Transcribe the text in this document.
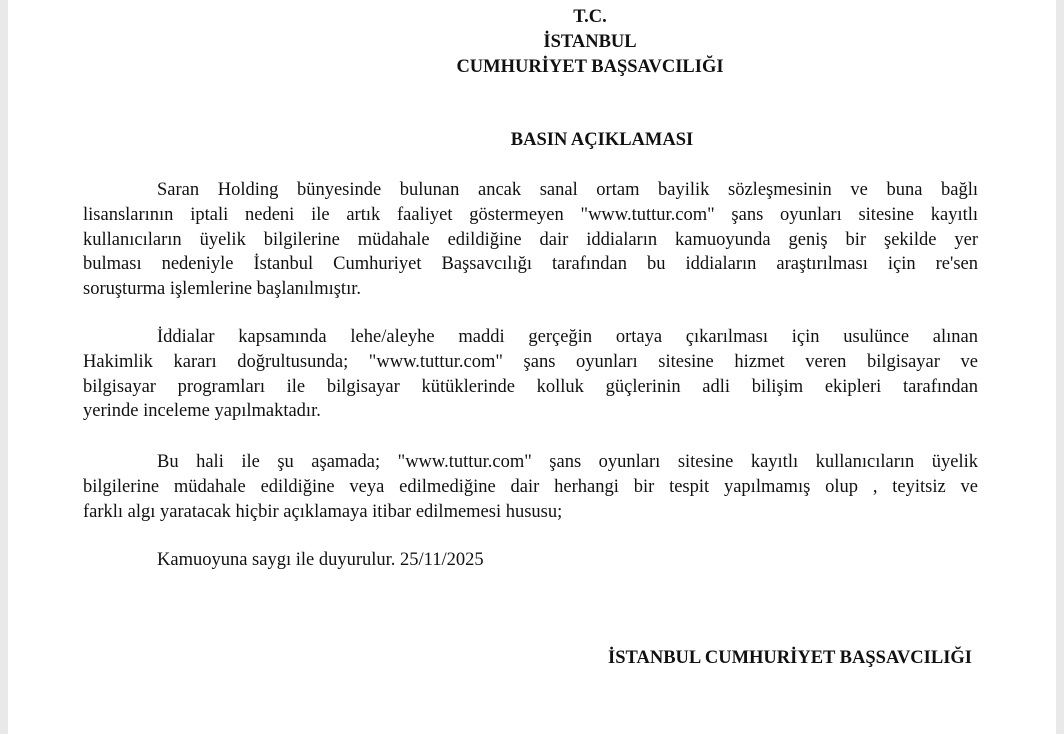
T.C.
İSTANBUL
CUMHURİYET BAŞSAVCILIĞI
BASIN AÇIKLAMASI
Saran Holding bünyesinde bulunan ancak sanal ortam bayilik sözleşmesinin ve buna bağlı
lisanslarının iptali nedeni ile artık faaliyet göstermeyen "www.tuttur.com" şans oyunları sitesine kayıtlı
kullanıcıların üyelik bilgilerine müdahale edildiğine dair iddiaların kamuoyunda geniş bir şekilde yer
bulması nedeniyle İstanbul Cumhuriyet Başsavcılığı tarafından bu iddiaların araştırılması için re'sen
soruşturma işlemlerine başlanılmıştır.
İddialar kapsamında lehe/aleyhe maddi gerçeğin ortaya çıkarılması için usulünce alınan
Hakimlik kararı doğrultusunda; "www.tuttur.com" şans oyunları sitesine hizmet veren bilgisayar ve
bilgisayar programları ile bilgisayar kütüklerinde kolluk güçlerinin adli bilişim ekipleri tarafından
yerinde inceleme yapılmaktadır.
Bu hali ile şu aşamada; "www.tuttur.com" şans oyunları sitesine kayıtlı kullanıcıların üyelik
bilgilerine müdahale edildiğine veya edilmediğine dair herhangi bir tespit yapılmamış olup , teyitsiz ve
farklı algı yaratacak hiçbir açıklamaya itibar edilmemesi hususu;
Kamuoyuna saygı ile duyurulur. 25/11/2025
İSTANBUL CUMHURİYET BAŞSAVCILIĞI
